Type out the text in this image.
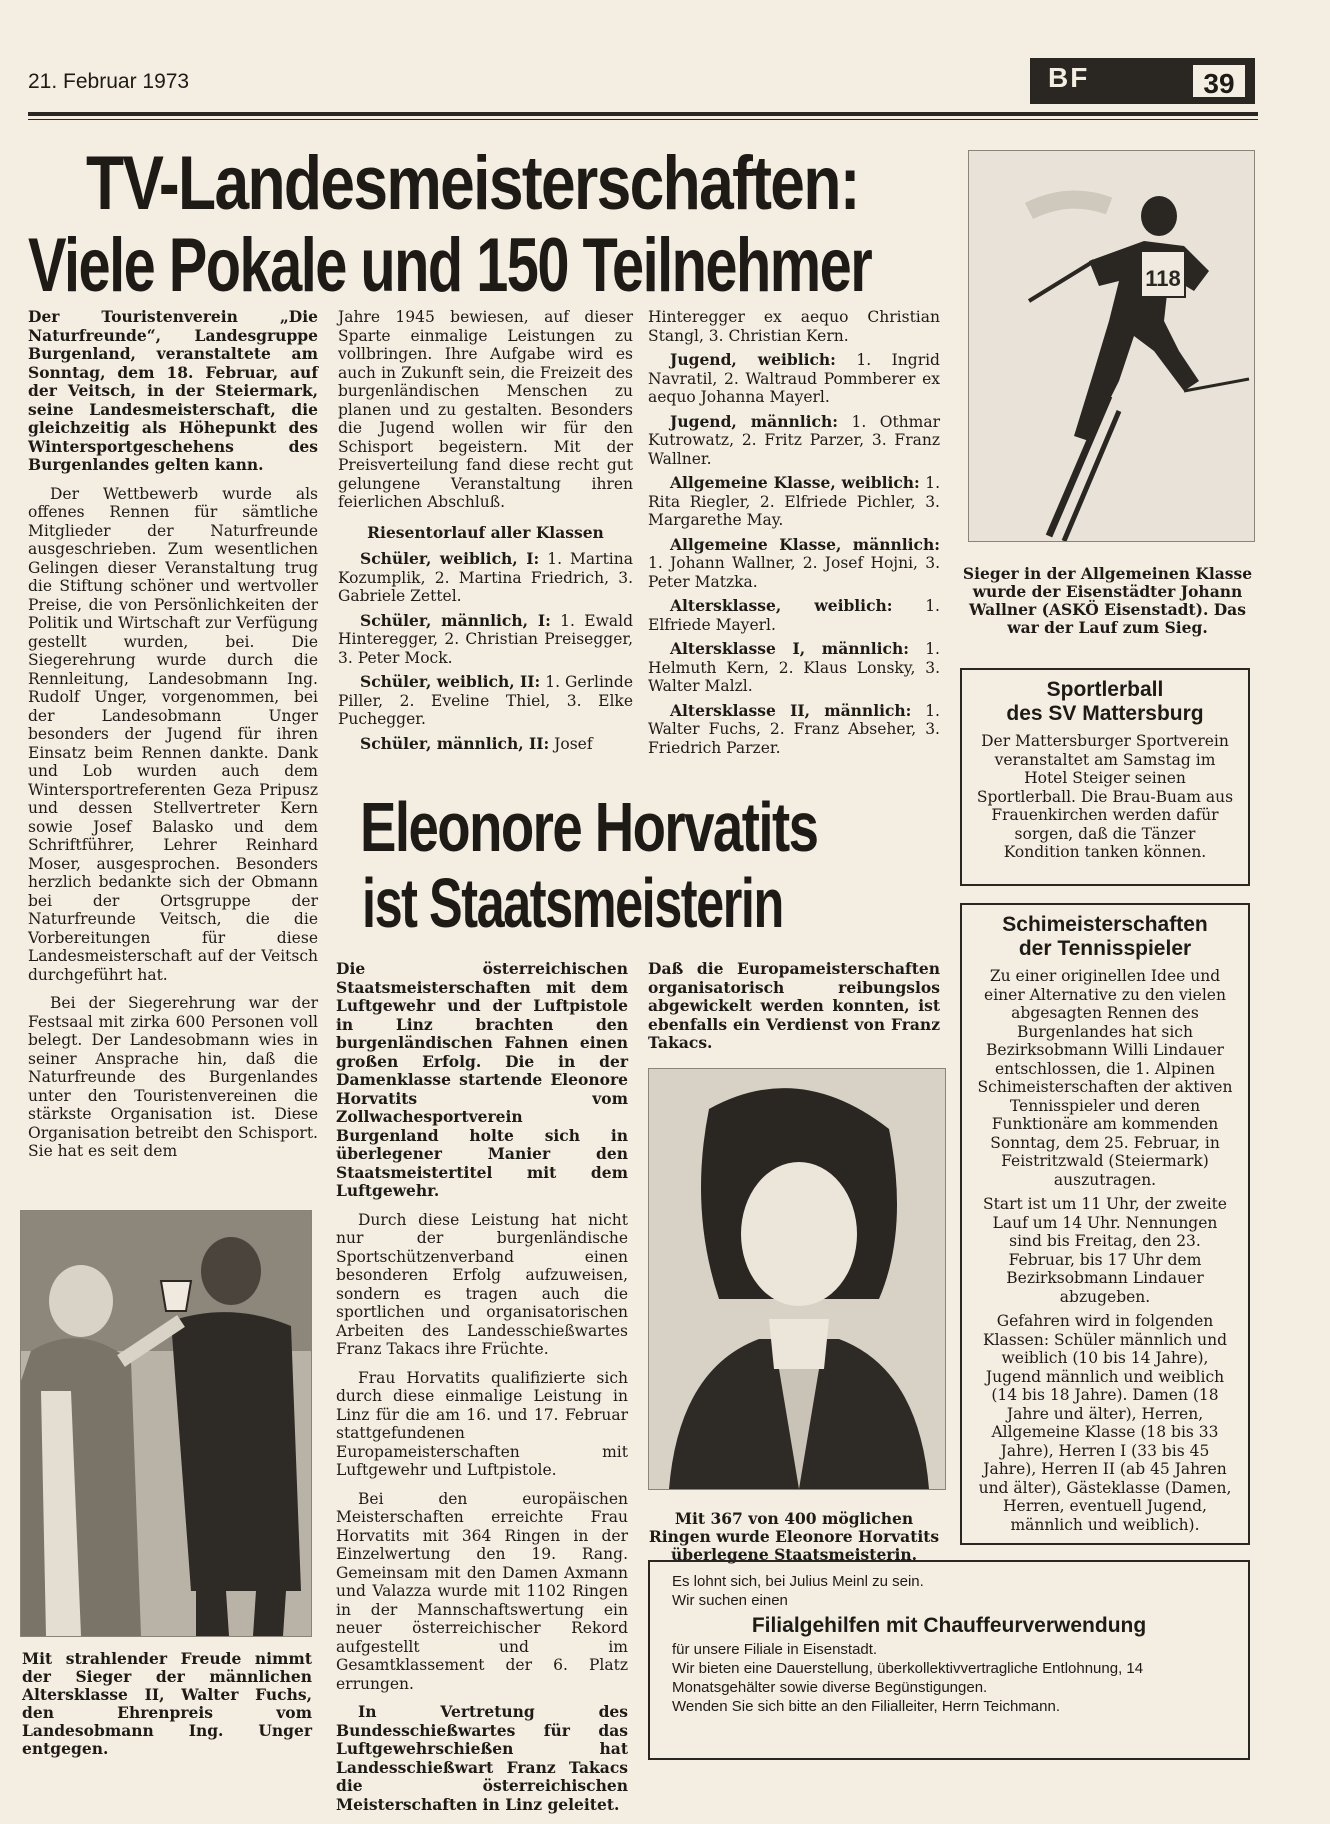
21. Februar 1973	BF	39
TV-Landesmeisterschaften:
Viele Pokale und 150 Teilnehmer	118
Sieger in der Allgemeinen Klasse wurde der Eisenstädter Johann Wallner (ASKÖ Eisenstadt). Das war der Lauf zum Sieg.

Der Touristenverein „Die Naturfreunde“, Landesgruppe Burgenland, veranstaltete am Sonntag, dem 18. Februar, auf der Veitsch, in der Steiermark, seine Landesmeisterschaft, die gleichzeitig als Höhepunkt des Wintersportgeschehens des Burgenlandes gelten kann.

Der Wettbewerb wurde als offenes Rennen für sämtliche Mitglieder der Naturfreunde ausgeschrieben. Zum wesentlichen Gelingen dieser Veranstaltung trug die Stiftung schöner und wertvoller Preise, die von Persönlichkeiten der Politik und Wirtschaft zur Verfügung gestellt wurden, bei. Die Siegerehrung wurde durch die Rennleitung, Landesobmann Ing. Rudolf Unger, vorgenommen, bei der Landesobmann Unger besonders der Jugend für ihren Einsatz beim Rennen dankte. Dank und Lob wurden auch dem Wintersportreferenten Geza Pripusz und dessen Stellvertreter Kern sowie Josef Balasko und dem Schriftführer, Lehrer Reinhard Moser, ausgesprochen. Besonders herzlich bedankte sich der Obmann bei der Ortsgruppe der Naturfreunde Veitsch, die die Vorbereitungen für diese Landesmeisterschaft auf der Veitsch durchgeführt hat.

Bei der Siegerehrung war der Festsaal mit zirka 600 Personen voll belegt. Der Landesobmann wies in seiner Ansprache hin, daß die Naturfreunde des Burgenlandes unter den Touristenvereinen die stärkste Organisation ist. Diese Organisation betreibt den Schisport. Sie hat es seit dem

Jahre 1945 bewiesen, auf dieser Sparte einmalige Leistungen zu vollbringen. Ihre Aufgabe wird es auch in Zukunft sein, die Freizeit des burgenländischen Menschen zu planen und zu gestalten. Besonders die Jugend wollen wir für den Schisport begeistern. Mit der Preisverteilung fand diese recht gut gelungene Veranstaltung ihren feierlichen Abschluß.

Riesentorlauf aller Klassen
Schüler, weiblich, I: 1. Martina Kozumplik, 2. Martina Friedrich, 3. Gabriele Zettel.
Schüler, männlich, I: 1. Ewald Hinteregger, 2. Christian Preisegger, 3. Peter Mock.
Schüler, weiblich, II: 1. Gerlinde Piller, 2. Eveline Thiel, 3. Elke Puchegger.
Schüler, männlich, II: Josef
Hinteregger ex aequo Christian Stangl, 3. Christian Kern.
Jugend, weiblich: 1. Ingrid Navratil, 2. Waltraud Pommberer ex aequo Johanna Mayerl.
Jugend, männlich: 1. Othmar Kutrowatz, 2. Fritz Parzer, 3. Franz Wallner.
Allgemeine Klasse, weiblich: 1. Rita Riegler, 2. Elfriede Pichler, 3. Margarethe May.
Allgemeine Klasse, männlich: 1. Johann Wallner, 2. Josef Hojni, 3. Peter Matzka.
Altersklasse, weiblich: 1. Elfriede Mayerl.
Altersklasse I, männlich: 1. Helmuth Kern, 2. Klaus Lonsky, 3. Walter Malzl.
Altersklasse II, männlich: 1. Walter Fuchs, 2. Franz Abseher, 3. Friedrich Parzer.
Mit strahlender Freude nimmt der Sieger der männlichen Altersklasse II, Walter Fuchs, den Ehrenpreis vom Landesobmann Ing. Unger entgegen.
Eleonore Horvatits
ist Staatsmeisterin

Die österreichischen Staatsmeisterschaften mit dem Luftgewehr und der Luftpistole in Linz brachten den burgenländischen Fahnen einen großen Erfolg. Die in der Damenklasse startende Eleonore Horvatits vom Zollwachesportverein Burgenland holte sich in überlegener Manier den Staatsmeistertitel mit dem Luftgewehr.

Durch diese Leistung hat nicht nur der burgenländische Sportschützenverband einen besonderen Erfolg aufzuweisen, sondern es tragen auch die sportlichen und organisatorischen Arbeiten des Landesschießwartes Franz Takacs ihre Früchte.

Frau Horvatits qualifizierte sich durch diese einmalige Leistung in Linz für die am 16. und 17. Februar stattgefundenen Europameisterschaften mit Luftgewehr und Luftpistole.

Bei den europäischen Meisterschaften erreichte Frau Horvatits mit 364 Ringen in der Einzelwertung den 19. Rang. Gemeinsam mit den Damen Axmann und Valazza wurde mit 1102 Ringen in der Mannschaftswertung ein neuer österreichischer Rekord aufgestellt und im Gesamtklassement der 6. Platz errungen.

In Vertretung des Bundesschießwartes für das Luftgewehrschießen hat Landesschießwart Franz Takacs die österreichischen Meisterschaften in Linz geleitet.

Daß die Europameisterschaften organisatorisch reibungslos abgewickelt werden konnten, ist ebenfalls ein Verdienst von Franz Takacs.
Mit 367 von 400 möglichen Ringen wurde Eleonore Horvatits überlegene Staatsmeisterin.
Sportlerball
des SV Mattersburg
Der Mattersburger Sportverein veranstaltet am Samstag im Hotel Steiger seinen Sportlerball. Die Brau-Buam aus Frauenkirchen werden dafür sorgen, daß die Tänzer Kondition tanken können.
Schimeisterschaften
der Tennisspieler
Zu einer originellen Idee und einer Alternative zu den vielen abgesagten Rennen des Burgenlandes hat sich Bezirksobmann Willi Lindauer entschlossen, die 1. Alpinen Schimeisterschaften der aktiven Tennisspieler und deren Funktionäre am kommenden Sonntag, dem 25. Februar, in Feistritzwald (Steiermark) auszutragen.
Start ist um 11 Uhr, der zweite Lauf um 14 Uhr. Nennungen sind bis Freitag, den 23. Februar, bis 17 Uhr dem Bezirksobmann Lindauer abzugeben.
Gefahren wird in folgenden Klassen: Schüler männlich und weiblich (10 bis 14 Jahre), Jugend männlich und weiblich (14 bis 18 Jahre). Damen (18 Jahre und älter), Herren, Allgemeine Klasse (18 bis 33 Jahre), Herren I (33 bis 45 Jahre), Herren II (ab 45 Jahren und älter), Gästeklasse (Damen, Herren, eventuell Jugend, männlich und weiblich).
Es lohnt sich, bei Julius Meinl zu sein.
Wir suchen einen
Filialgehilfen mit Chauffeurverwendung
für unsere Filiale in Eisenstadt.
Wir bieten eine Dauerstellung, überkollektivvertragliche Entlohnung, 14 Monatsgehälter sowie diverse Begünstigungen.
Wenden Sie sich bitte an den Filialleiter, Herrn Teichmann.
